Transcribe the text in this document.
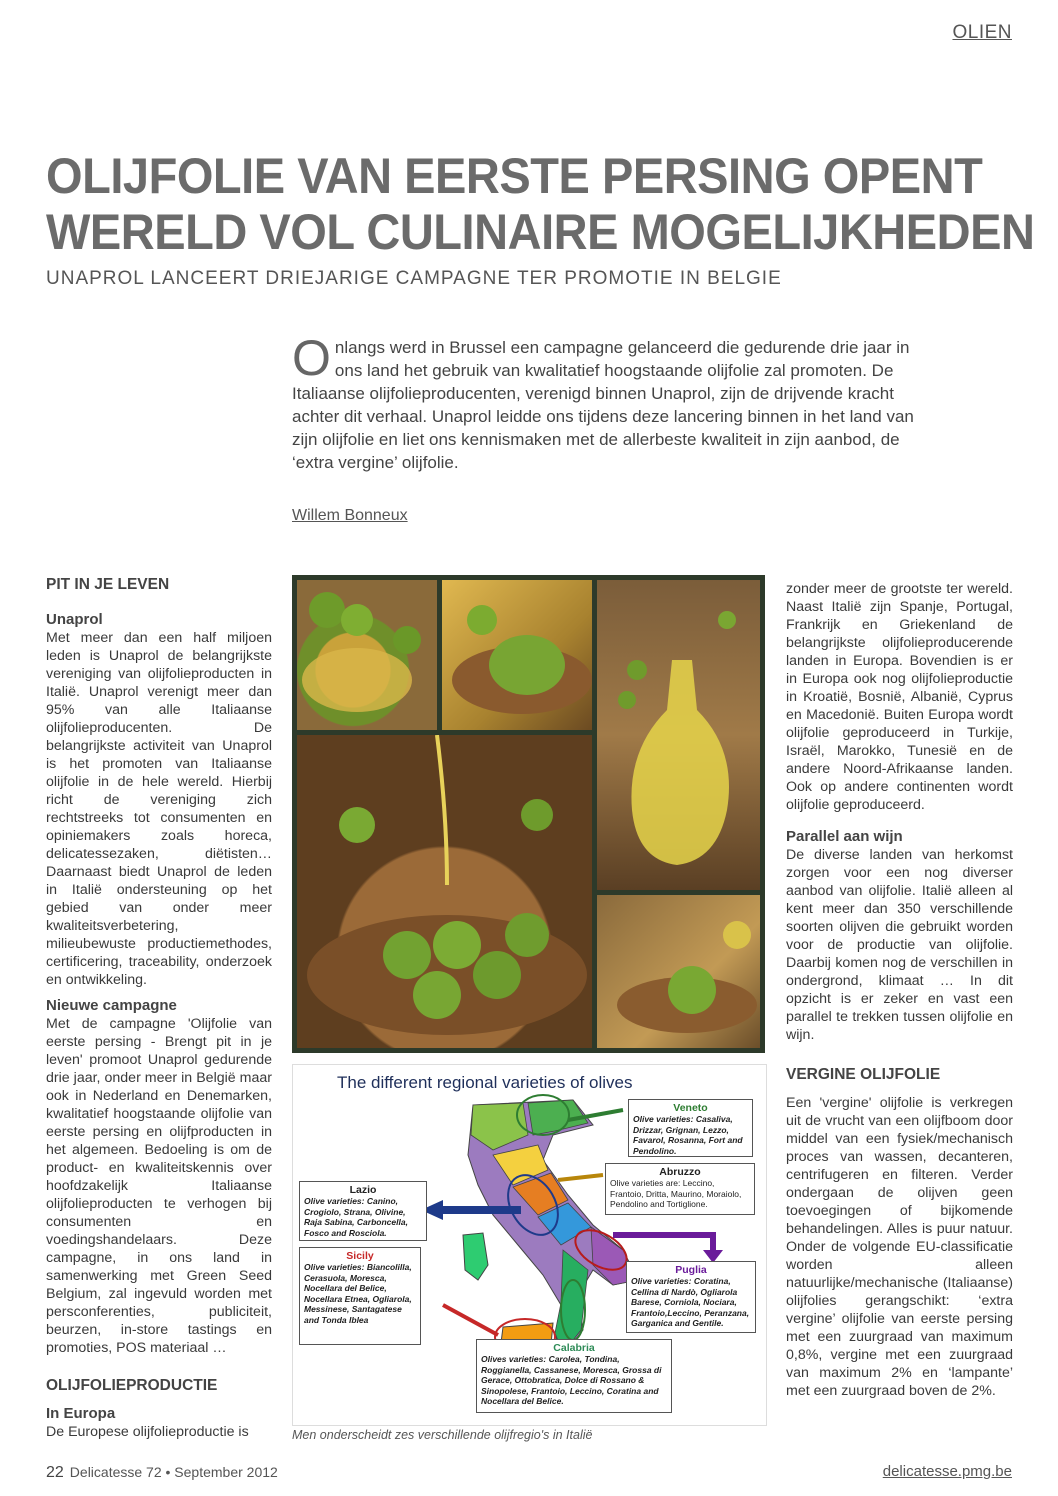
OLIEN
OLIJFOLIE VAN EERSTE PERSING OPENT
WERELD VOL CULINAIRE MOGELIJKHEDEN
UNAPROL LANCEERT DRIEJARIGE CAMPAGNE TER PROMOTIE IN BELGIE
Onlangs werd in Brussel een campagne gelanceerd die gedurende drie jaar in ons land het gebruik van kwalitatief hoogstaande olijfolie zal promoten. De Italiaanse olijfolieproducenten, verenigd binnen Unaprol, zijn de drijvende kracht achter dit verhaal. Unaprol leidde ons tijdens deze lancering binnen in het land van zijn olijfolie en liet ons kennismaken met de allerbeste kwaliteit in zijn aanbod, de ‘extra vergine’ olijfolie.
Willem Bonneux
PIT IN JE LEVEN
Unaprol

Met meer dan een half miljoen leden is Unaprol de belangrijkste vereniging van olijfolieproducten in Italië. Unaprol verenigt meer dan 95% van alle Italiaanse olijfolieproducenten. De belangrijkste activiteit van Unaprol is het promoten van Italiaanse olijfolie in de hele wereld. Hierbij richt de vereniging zich rechtstreeks tot consumenten en opiniemakers zoals horeca, delicatessezaken, diëtisten… Daarnaast biedt Unaprol de leden in Italië ondersteuning op het gebied van onder meer kwaliteitsverbetering, milieubewuste productiemethodes, certificering, traceability, onderzoek en ontwikkeling.

Nieuwe campagne

Met de campagne 'Olijfolie van eerste persing - Brengt pit in je leven' promoot Unaprol gedurende drie jaar, onder meer in België maar ook in Nederland en Denemarken, kwalitatief hoogstaande olijfolie van eerste persing en olijfproducten in het algemeen. Bedoeling is om de product- en kwaliteitskennis over hoofdzakelijk Italiaanse olijfolieproducten te verhogen bij consumenten en voedingshandelaars. Deze campagne, in ons land in samenwerking met Green Seed Belgium, zal ingevuld worden met persconferenties, publiciteit, beurzen, in-store tastings en promoties, POS materiaal …

OLIJFOLIEPRODUCTIE
In Europa

De Europese olijfolieproductie is

The different regional varieties of olives
Veneto
Olive varieties: Casaliva, Drizzar, Grignan, Lezzo, Favarol, Rosanna, Fort and Pendolino.
Abruzzo
Olive varieties are: Leccino, Frantoio, Dritta, Maurino, Moraiolo, Pendolino and Tortiglione.
Lazio
Olive varieties: Canino, Crogiolo, Strana, Olivine, Raja Sabina, Carboncella, Fosco and Rosciola.
Sicily
Olive varieties: Biancolilla, Cerasuola, Moresca, Nocellara del Belice, Nocellara Etnea, Ogliarola, Messinese, Santagatese and Tonda Iblea
Puglia
Olive varieties: Coratina, Cellina di Nardò, Ogliarola Barese, Corniola, Nociara, Frantoio,Leccino, Peranzana, Garganica and Gentile.
Calabria
Olives varieties: Carolea, Tondina, Roggianella, Cassanese, Moresca, Grossa di Gerace, Ottobratica, Dolce di Rossano & Sinopolese, Frantoio, Leccino, Coratina and Nocellara del Belice.
Men onderscheidt zes verschillende olijfregio's in Italië

zonder meer de grootste ter wereld. Naast Italië zijn Spanje, Portugal, Frankrijk en Griekenland de belangrijkste olijfolieproducerende landen in Europa. Bovendien is er in Europa ook nog olijfolieproductie in Kroatië, Bosnië, Albanië, Cyprus en Macedonië. Buiten Europa wordt olijfolie geproduceerd in Turkije, Israël, Marokko, Tunesië en de andere Noord-Afrikaanse landen. Ook op andere continenten wordt olijfolie geproduceerd.

Parallel aan wijn

De diverse landen van herkomst zorgen voor een nog diverser aanbod van olijfolie. Italië alleen al kent meer dan 350 verschillende soorten olijven die gebruikt worden voor de productie van olijfolie. Daarbij komen nog de verschillen in ondergrond, klimaat … In dit opzicht is er zeker en vast een parallel te trekken tussen olijfolie en wijn.

VERGINE OLIJFOLIE

Een 'vergine' olijfolie is verkregen uit de vrucht van een olijfboom door middel van een fysiek/mechanisch proces van wassen, decanteren, centrifugeren en filteren. Verder ondergaan de olijven geen toevoegingen of bijkomende behandelingen. Alles is puur natuur. Onder de volgende EU-classificatie worden alleen natuurlijke/mechanische (Italiaanse) olijfolies gerangschikt: ‘extra vergine’ olijfolie van eerste persing met een zuurgraad van maximum 0,8%, vergine met een zuurgraad van maximum 2% en ‘lampante’ met een zuurgraad boven de 2%.

22 Delicatesse 72 • September 2012	delicatesse.pmg.be
